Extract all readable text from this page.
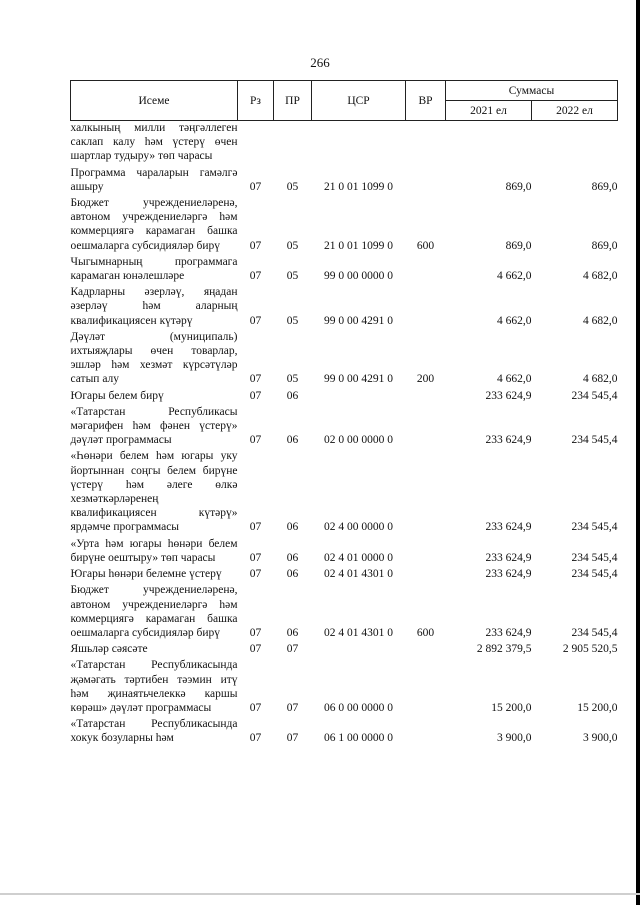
266
Исеме	Рз	ПР	ЦСР	ВР	Суммасы	
					2021 ел	2022 ел
халкының милли тәңгәллеген саклап калу һәм үстерү өчен шартлар тудыру» төп чарасы						
Программа чараларын гамәлгә ашыру	07	05	21 0 01 1099 0		869,0	869,0
Бюджет учреждениеләренә, автоном учреждениеләргә һәм коммерциягә карамаган башка оешмаларга субсидияләр бирү	07	05	21 0 01 1099 0	600	869,0	869,0
Чыгымнарның программага карамаган юнәлешләре	07	05	99 0 00 0000 0		4 662,0	4 682,0
Кадрларны әзерләү, яңадан әзерләү һәм аларның квалификациясен күтәрү	07	05	99 0 00 4291 0		4 662,0	4 682,0
Дәүләт (муниципаль) ихтыяҗлары өчен товарлар, эшләр һәм хезмәт күрсәтүләр сатып алу	07	05	99 0 00 4291 0	200	4 662,0	4 682,0
Югары белем бирү	07	06			233 624,9	234 545,4
«Татарстан Республикасы мәгарифен һәм фәнен үстерү» дәүләт программасы	07	06	02 0 00 0000 0		233 624,9	234 545,4
«Һөнәри белем һәм югары уку йортыннан соңгы белем бирүне үстерү һәм әлеге өлкә хезмәткәрләренең квалификациясен күтәрү» ярдәмче программасы	07	06	02 4 00 0000 0		233 624,9	234 545,4
«Урта һәм югары һөнәри белем бирүне оештыру» төп чарасы	07	06	02 4 01 0000 0		233 624,9	234 545,4
Югары һөнәри белемне үстерү	07	06	02 4 01 4301 0		233 624,9	234 545,4
Бюджет учреждениеләренә, автоном учреждениеләргә һәм коммерциягә карамаган башка оешмаларга субсидияләр бирү	07	06	02 4 01 4301 0	600	233 624,9	234 545,4
Яшьләр сәясәте	07	07			2 892 379,5	2 905 520,5
«Татарстан Республикасында җәмәгать тәртибен тәэмин итү һәм җинаятьчелеккә каршы көрәш» дәүләт программасы	07	07	06 0 00 0000 0		15 200,0	15 200,0
«Татарстан Республикасында хокук бозуларны һәм	07	07	06 1 00 0000 0		3 900,0	3 900,0
